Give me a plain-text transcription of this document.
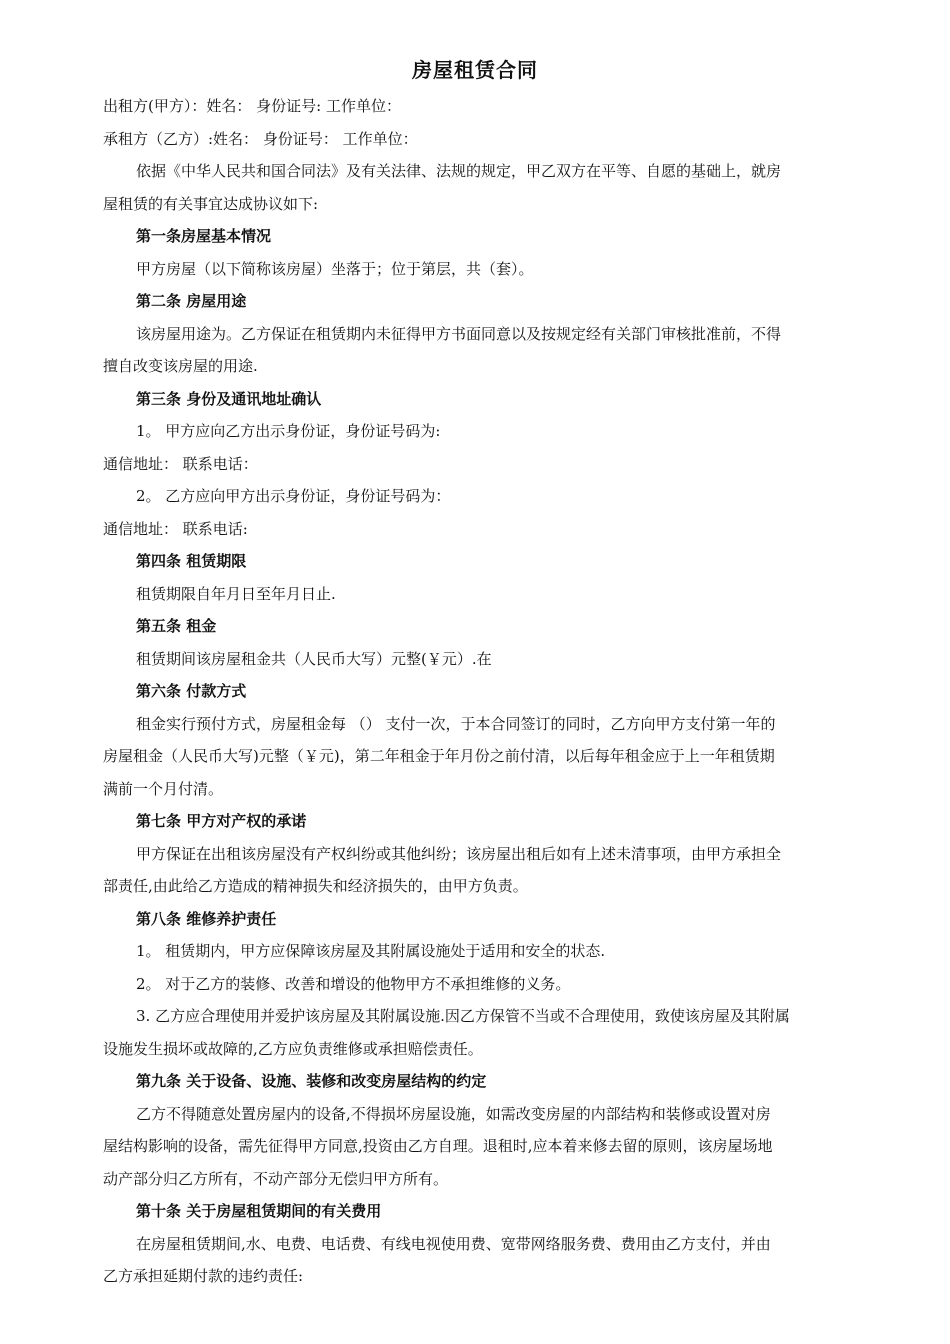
房屋租赁合同
出租方(甲方）：姓名： 身份证号: 工作单位：
承租方（乙方）:姓名： 身份证号： 工作单位：
依据《中华人民共和国合同法》及有关法律、法规的规定，甲乙双方在平等、自愿的基础上，就房
屋租赁的有关事宜达成协议如下:
第一条房屋基本情况
甲方房屋（以下简称该房屋）坐落于；位于第层，共（套）。
第二条 房屋用途
该房屋用途为。乙方保证在租赁期内未征得甲方书面同意以及按规定经有关部门审核批准前，不得
擅自改变该房屋的用途.
第三条 身份及通讯地址确认
1。 甲方应向乙方出示身份证，身份证号码为:
通信地址： 联系电话：
2。 乙方应向甲方出示身份证，身份证号码为：
通信地址： 联系电话:
第四条 租赁期限
租赁期限自年月日至年月日止.
第五条 租金
租赁期间该房屋租金共（人民币大写）元整(￥元）.在
第六条 付款方式
租金实行预付方式，房屋租金每 （） 支付一次，于本合同签订的同时，乙方向甲方支付第一年的
房屋租金（人民币大写)元整（￥元)，第二年租金于年月份之前付清，以后每年租金应于上一年租赁期
满前一个月付清。
第七条 甲方对产权的承诺
甲方保证在出租该房屋没有产权纠纷或其他纠纷；该房屋出租后如有上述未清事项，由甲方承担全
部责任,由此给乙方造成的精神损失和经济损失的，由甲方负责。
第八条 维修养护责任
1。 租赁期内，甲方应保障该房屋及其附属设施处于适用和安全的状态.
2。 对于乙方的装修、改善和增设的他物甲方不承担维修的义务。
3. 乙方应合理使用并爱护该房屋及其附属设施.因乙方保管不当或不合理使用，致使该房屋及其附属
设施发生损坏或故障的,乙方应负责维修或承担赔偿责任。
第九条 关于设备、设施、装修和改变房屋结构的约定
乙方不得随意处置房屋内的设备,不得损坏房屋设施，如需改变房屋的内部结构和装修或设置对房
屋结构影响的设备，需先征得甲方同意,投资由乙方自理。退租时,应本着来修去留的原则，该房屋场地
动产部分归乙方所有，不动产部分无偿归甲方所有。
第十条 关于房屋租赁期间的有关费用
在房屋租赁期间,水、电费、电话费、有线电视使用费、宽带网络服务费、费用由乙方支付，并由
乙方承担延期付款的违约责任:
